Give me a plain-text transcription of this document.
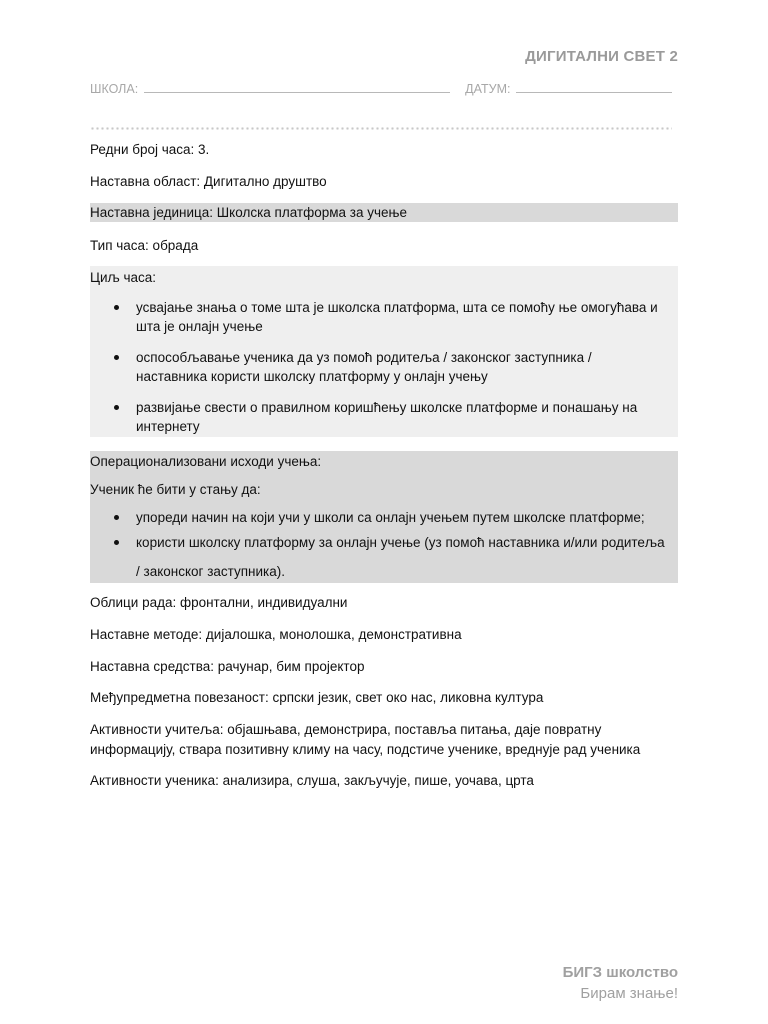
ДИГИТАЛНИ СВЕТ 2
ШКОЛА:	ДАТУМ:
Редни број часа: 3.
Наставна област: Дигитално друштво
Наставна јединица: Школска платформа за учење
Тип часа: обрада
Циљ часа:
усвајање знања о томе шта је школска платформа, шта се помоћу ње омогућава и
шта је онлајн учење
оспособљавање ученика да уз помоћ родитеља / законског заступника /
наставника користи школску платформу у онлајн учењу
развијање свести о правилном коришћењу школске платформе и понашању на
интернету
Операционализовани исходи учења:
Ученик ће бити у стању да:
упореди начин на који учи у школи са онлајн учењем путем школске платформе;
користи школску платформу за онлајн учење (уз помоћ наставника и/или родитеља
/ законског заступника).
Облици рада: фронтални, индивидуални
Наставне методе: дијалошка, монолошка, демонстративна
Наставна средства: рачунар, бим пројектор
Међупредметна повезаност: српски језик, свет око нас, ликовна култура
Активности учитеља: објашњава, демонстрира, поставља питања, даје повратну
информацију, ствара позитивну климу на часу, подстиче ученике, вреднује рад ученика
Активности ученика: анализира, слуша, закључује, пише, уочава, црта
БИГЗ школство
Бирам знање!
